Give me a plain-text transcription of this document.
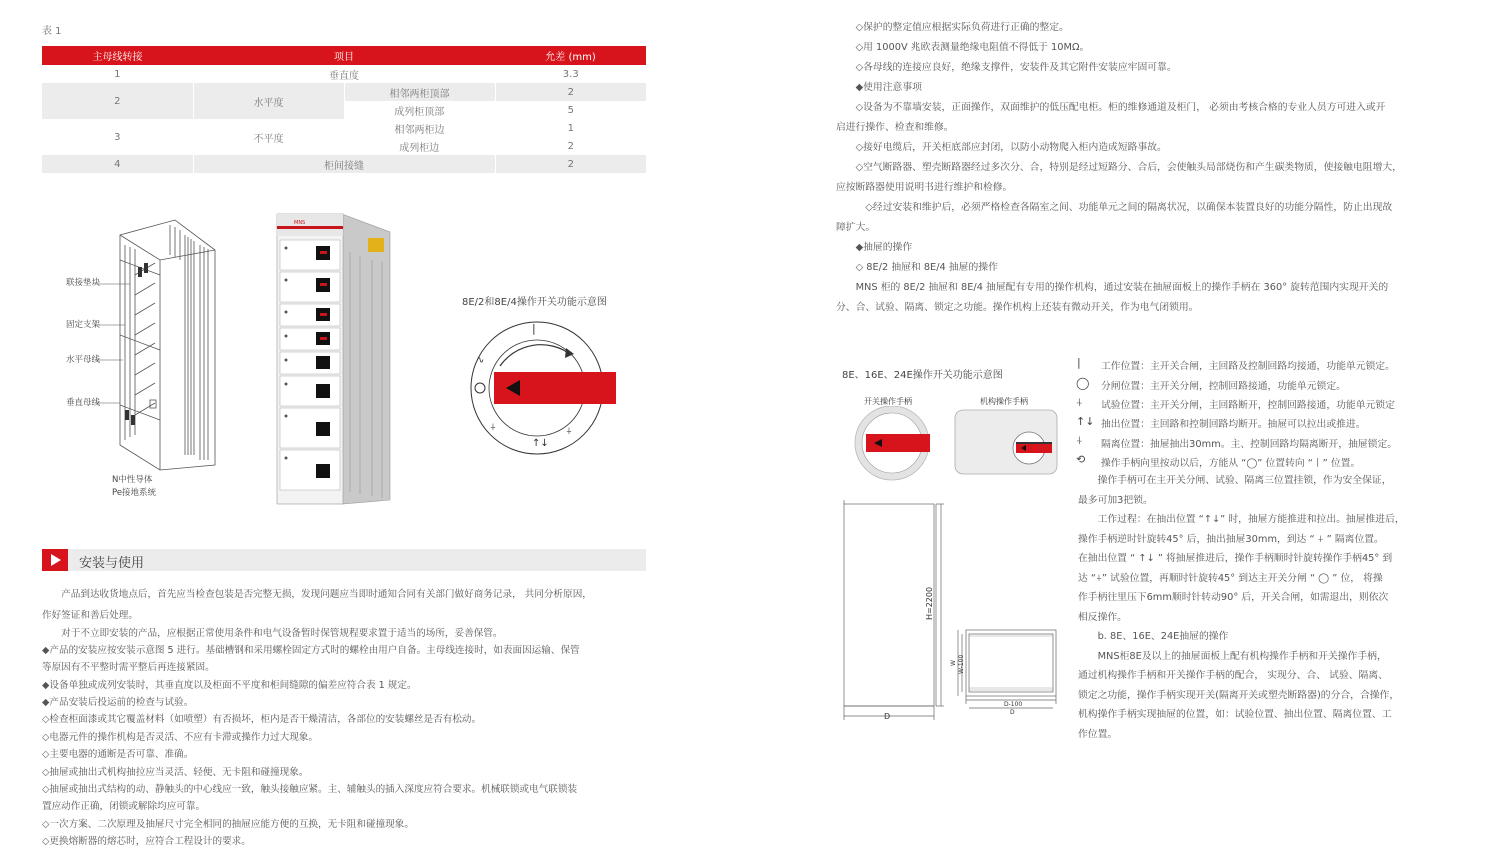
表 1
主母线转接	项目		允差 (mm)
1	垂直度		3.3
2	水平度	相邻两柜顶部	2
		成列柜顶部	5
3	不平度	相邻两柜边	1
		成列柜边	2
4	柜间接缝		2
联接垫块
固定支架
水平母线
垂直母线
N中性导体
Pe接地系统
MNS
8E/2和8E/4操作开关功能示意图
|
⍭
↑↓
⍭
∿
安装与使用
　　产品到达收货地点后，首先应当检查包装是否完整无损，发现问题应当即时通知合同有关部门做好商务记录， 共同分析原因，
作好签证和善后处理。
　　对于不立即安装的产品，应根据正常使用条件和电气设备暂时保管规程要求置于适当的场所，妥善保管。
◆产品的安装应按安装示意图 5 进行。基础槽钢和采用螺栓固定方式时的螺栓由用户自备。主母线连接时，如表面因运输、保管
等原因有不平整时需平整后再连接紧固。
◆设备单独或成列安装时，其垂直度以及柜面不平度和柜间缝隙的偏差应符合表 1 规定。
◆产品安装后投运前的检查与试验。
◇检查柜面漆或其它覆盖材料（如喷塑）有否损坏，柜内是否干燥清洁，各部位的安装螺丝是否有松动。
◇电器元件的操作机构是否灵活、不应有卡滞或操作力过大现象。
◇主要电器的通断是否可靠、准确。
◇抽屉或抽出式机构抽拉应当灵活、轻便、无卡阻和碰撞现象。
◇抽屉或抽出式结构的动、静触头的中心线应一致，触头接触应紧。主、辅触头的插入深度应符合要求。机械联锁或电气联锁装
置应动作正确，闭锁或解除均应可靠。
◇一次方案、二次原理及抽屉尺寸完全相同的抽屉应能方便的互换，无卡阻和碰撞现象。
◇更换熔断器的熔芯时，应符合工程设计的要求。
　　◇保护的整定值应根据实际负荷进行正确的整定。
　　◇用 1000V 兆欧表测量绝缘电阻值不得低于 10MΩ。
　　◇各母线的连接应良好，绝缘支撑件，安装件及其它附件安装应牢固可靠。
　　◆使用注意事项
　　◇设备为不靠墙安装，正面操作，双面维护的低压配电柜。柜的维修通道及柜门， 必须由考核合格的专业人员方可进入或开
启进行操作、检查和维修。
　　◇接好电缆后，开关柜底部应封闭，以防小动物爬入柜内造成短路事故。
　　◇空气断路器、塑壳断路器经过多次分、合，特别是经过短路分、合后，会使触头局部烧伤和产生碳类物质，使接触电阻增大，
应按断路器使用说明书进行维护和检修。
　　　◇经过安装和维护后，必须严格检查各隔室之间、功能单元之间的隔离状况，以确保本装置良好的功能分隔性，防止出现故
障扩大。
　　◆抽屉的操作
　　◇ 8E/2 抽屉和 8E/4 抽屉的操作
　　MNS 柜的 8E/2 抽屉和 8E/4 抽屉配有专用的操作机构，通过安装在抽屉面板上的操作手柄在 360° 旋转范围内实现开关的
分、合、试验、隔离、锁定之功能。操作机构上还装有微动开关，作为电气闭锁用。
8E、16E、24E操作开关功能示意图
开关操作手柄	机构操作手柄
H=2200
D
W W-100
D-100
D
| 工作位置：主开关合闸，主回路及控制回路均接通，功能单元锁定。
◯ 分闸位置：主开关分闸，控制回路接通，功能单元锁定。
⍭ 试验位置：主开关分闸，主回路断开，控制回路接通，功能单元锁定
↑↓ 抽出位置：主回路和控制回路均断开。抽屉可以拉出或推进。
⍭ 隔离位置：抽屉抽出30mm。主、控制回路均隔离断开，抽屉锁定。
⟲ 操作手柄向里按动以后，方能从 “◯” 位置转向 “丨” 位置。
　　操作手柄可在主开关分闸、试验、隔离三位置挂锁，作为安全保证，
最多可加3把锁。
　　工作过程：在抽出位置 “↑↓” 时，抽屉方能推进和拉出。抽屉推进后，
操作手柄逆时针旋转45° 后，抽出抽屉30mm，到达 “ ⍭ ” 隔离位置。
在抽出位置 “ ↑↓ ” 将抽屉推进后，操作手柄顺时针旋转操作手柄45° 到
达 “⍭” 试验位置，再顺时针旋转45° 到达主开关分闸 “ ◯ ” 位， 将操
作手柄往里压下6mm顺时针转动90° 后，开关合闸，如需退出，则依次
相反操作。
　　b. 8E、16E、24E抽屉的操作
　　MNS柜8E及以上的抽屉面板上配有机构操作手柄和开关操作手柄，
通过机构操作手柄和开关操作手柄的配合， 实现分、合、 试验、隔离、
锁定之功能，操作手柄实现开关(隔离开关或塑壳断路器)的分合，合操作，
机构操作手柄实现抽屉的位置，如：试验位置、抽出位置、隔离位置、工
作位置。
